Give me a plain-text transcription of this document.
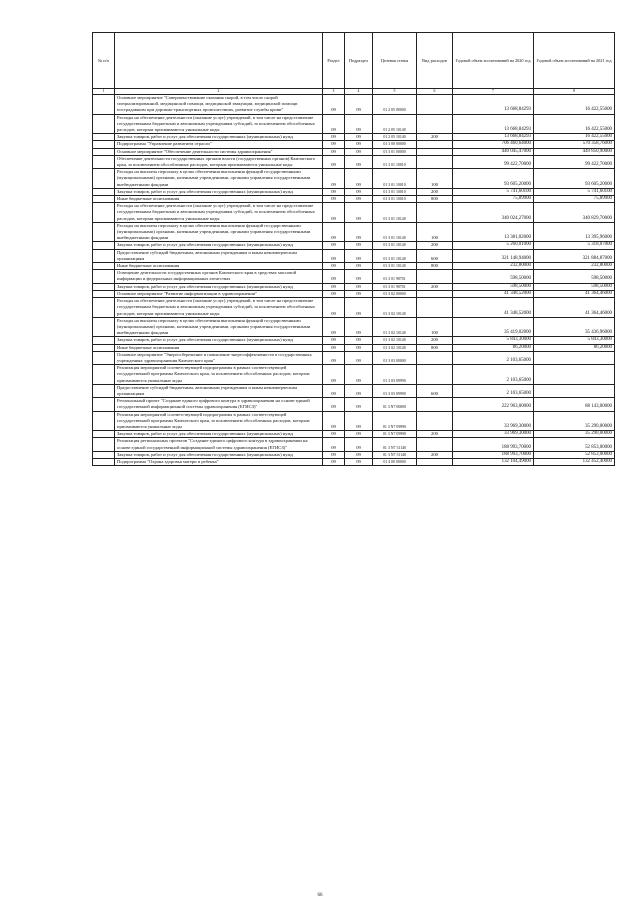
№ п/п		Раздел	Подраздел	Целевая статья	Вид расходов	Годовой объем ассигнований на 2020 год	Годовой объем ассигнований на 2021 год
1	2	3	4	5	6	7	8
	Основное мероприятие "Совершенствование оказания скорой, в том числе скорой специализированной, медицинской помощи, медицинской эвакуации, медицинской помощи пострадавшим при дорожно-транспортных происшествиях, развитие службы крови"	09	09	01 2 05 00000		13 668,84293	16 422,55000
	Расходы на обеспечение деятельности (оказание услуг) учреждений, в том числе на предоставление государственным бюджетным и автономным учреждениям субсидий, за исключением обособленных расходов, которым присваиваются уникальные коды	09	09	01 2 05 10140		13 668,84293	16 422,55000
	Закупка товаров, работ и услуг для обеспечения государственных (муниципальных) нужд	09	09	01 2 05 10140	200	13 668,84293	16 422,55000
	Подпрограмма "Управление развитием отрасли"	09	09	01 3 00 00000		706 460,64000	570 358,76000
	Основное мероприятие "Обеспечение деятельности системы здравоохранения"	09	09	01 3 01 00000		440 045,47000	449 850,90000
	Обеспечение деятельности государственных органов власти (государственных органов) Камчатского края, за исключением обособленных расходов, которым присваиваются уникальные коды	09	09	01 3 01 10010		99 422,70000	99 422,70000
	Расходы на выплаты персоналу в целях обеспечения выполнения функций государственными (муниципальными) органами, казенными учреждениями, органами управления государственными внебюджетными фондами	09	09	01 3 01 10010	100	93 605,20000	93 605,20000
	Закупка товаров, работ и услуг для обеспечения государственных (муниципальных) нужд	09	09	01 3 01 10010	200	5 741,60100	5 741,60100
	Иные бюджетные ассигнования	09	09	01 3 01 10010	800	75,89900	75,89900
	Расходы на обеспечение деятельности (оказание услуг) учреждений, в том числе на предоставление государственным бюджетным и автономным учреждениям субсидий, за исключением обособленных расходов, которым присваиваются уникальные коды	09	09	01 3 01 10140		340 024,27000	340 829,70000
	Расходы на выплаты персоналу в целях обеспечения выполнения функций государственными (муниципальными) органами, казенными учреждениями, органами управления государственными внебюджетными фондами	09	09	01 3 01 10140	100	13 381,02000	13 395,96000
	Закупка товаров, работ и услуг для обеспечения государственных (муниципальных) нужд	09	09	01 3 01 10140	200	5 260,01000	5 318,07000
	Предоставление субсидий бюджетным, автономным учреждениям и иным некоммерческим организациям	09	09	01 3 01 10140	600	321 148,94000	321 884,87000
	Иные бюджетные ассигнования	09	09	01 3 01 10140	800	232,80000	232,80000
	Освещение деятельности государственных органов Камчатского края в средствах массовой информации и федеральных информационных агентствах	09	09	01 3 01 98701		598,50000	598,50000
	Закупка товаров, работ и услуг для обеспечения государственных (муниципальных) нужд	09	09	01 3 01 98701	200	598,50000	598,50000
	Основное мероприятие "Развитие информатизации в здравоохранении"	09	09	01 3 02 00000		41 348,52000	41 364,46000
	Расходы на обеспечение деятельности (оказание услуг) учреждений, в том числе на предоставление государственным бюджетным и автономным учреждениям субсидий, за исключением обособленных расходов, которым присваиваются уникальные коды	09	09	01 3 02 10140		41 348,52000	41 364,46000
	Расходы на выплаты персоналу в целях обеспечения выполнения функций государственными (муниципальными) органами, казенными учреждениями, органами управления государственными внебюджетными фондами	09	09	01 3 02 10140	100	35 419,02000	35 436,96000
	Закупка товаров, работ и услуг для обеспечения государственных (муниципальных) нужд	09	09	01 3 02 10140	200	5 843,30000	5 843,30000
	Иные бюджетные ассигнования	09	09	01 3 02 10140	800	86,20000	86,20000
	Основное мероприятие "Энергосбережение и повышение энергоэффективности в государственных учреждениях здравоохранения Камчатского края"	09	09	01 3 03 00000		2 103,65000	
	Реализация мероприятий соответствующей подпрограммы в рамках соответствующей государственной программы Камчатского края, за исключением обособленных расходов, которым присваиваются уникальные коды	09	09	01 3 03 09990		2 103,65000	
	Предоставление субсидий бюджетным, автономным учреждениям и иным некоммерческим организациям	09	09	01 3 03 09990	600	2 103,65000	
	Региональный проект "Создание единого цифрового контура в здравоохранении на основе единой государственной информационной системы здравоохранения (ЕГИСЗ)"	09	09	01 3 N7 00000		222 963,00000	88 143,00000
	Реализация мероприятий соответствующей подпрограммы в рамках соответствующей государственной программы Камчатского края, за исключением обособленных расходов, которым присваиваются уникальные коды	09	09	01 3 N7 09990		33 969,30000	35 290,00000
	Закупка товаров, работ и услуг для обеспечения государственных (муниципальных) нужд	09	09	01 3 N7 09990	200	33 969,30000	35 290,00000
	Реализация региональных проектов "Создание единого цифрового контура в здравоохранении на основе единой государственной информационной системы здравоохранения (ЕГИСЗ)"	09	09	01 3 N7 51140		188 993,70000	52 853,00000
	Закупка товаров, работ и услуг для обеспечения государственных (муниципальных) нужд	09	09	01 3 N7 51140	200	188 993,70000	52 853,00000
	Подпрограмма "Охрана здоровья матери и ребенка"	09	09	01 4 00 00000		132 104,49000	132 452,40000
66
